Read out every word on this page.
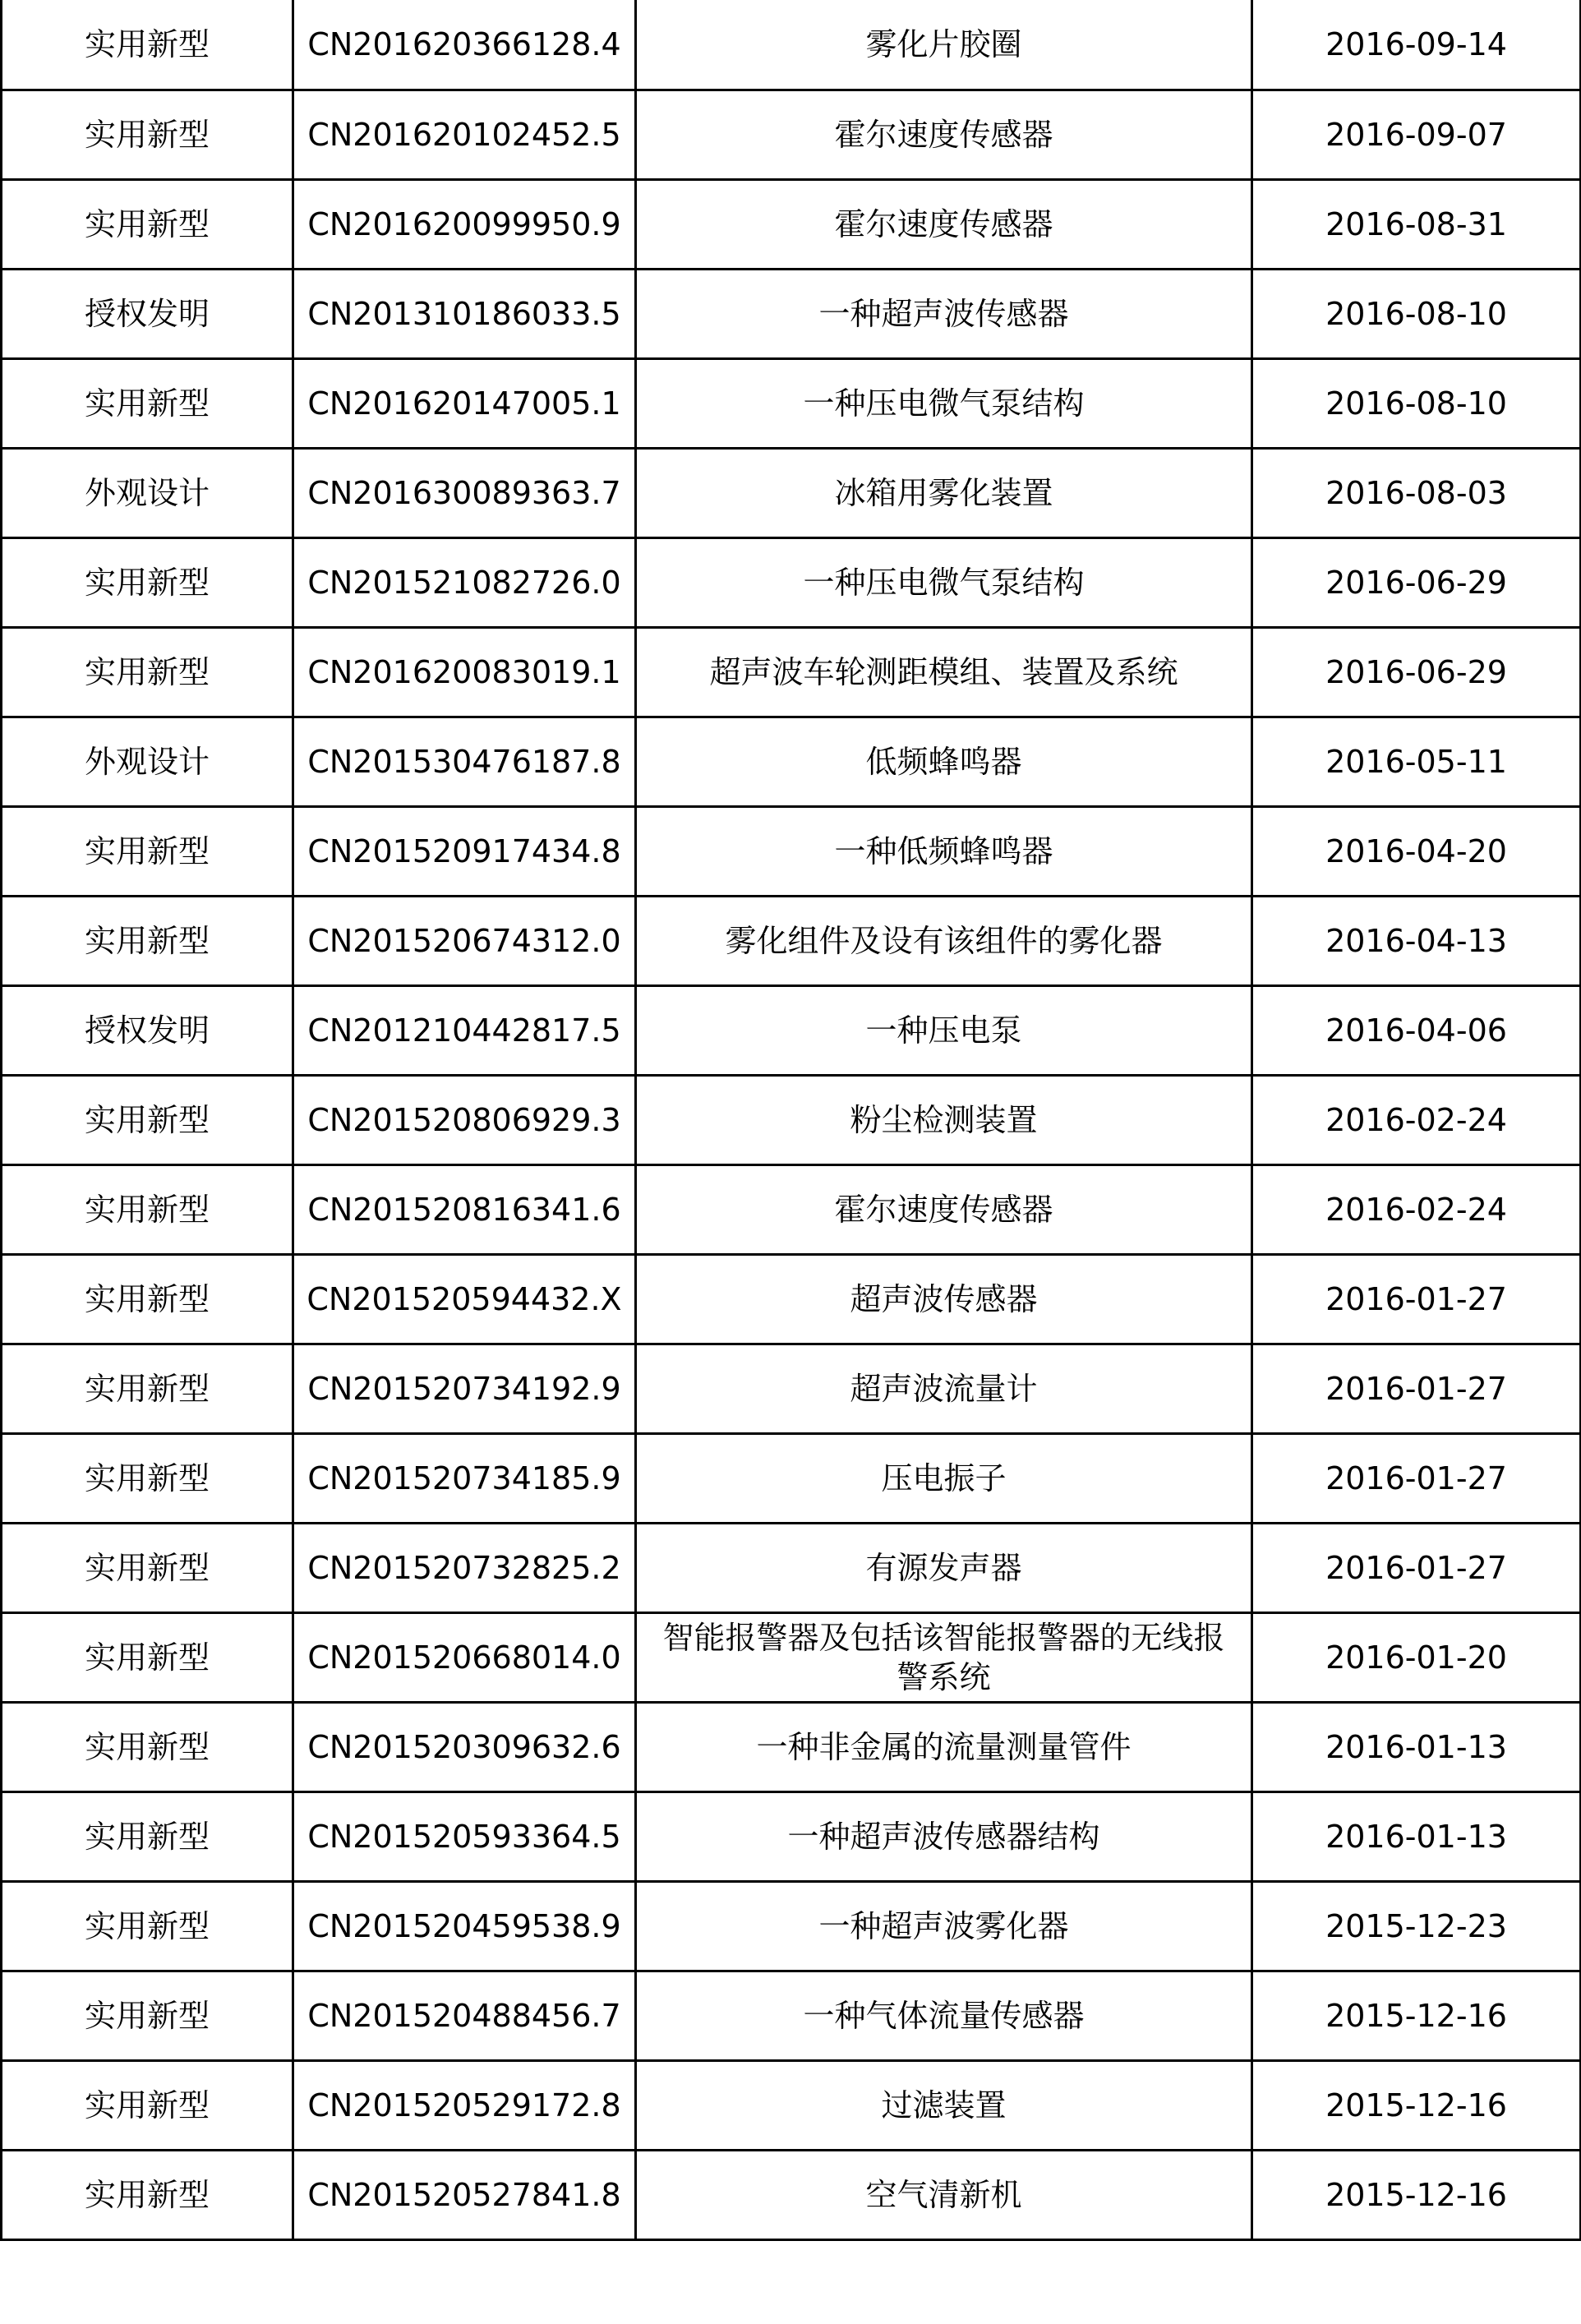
实用新型	CN201620366128.4	雾化片胶圈	2016-09-14
实用新型	CN201620102452.5	霍尔速度传感器	2016-09-07
实用新型	CN201620099950.9	霍尔速度传感器	2016-08-31
授权发明	CN201310186033.5	一种超声波传感器	2016-08-10
实用新型	CN201620147005.1	一种压电微气泵结构	2016-08-10
外观设计	CN201630089363.7	冰箱用雾化装置	2016-08-03
实用新型	CN201521082726.0	一种压电微气泵结构	2016-06-29
实用新型	CN201620083019.1	超声波车轮测距模组、装置及系统	2016-06-29
外观设计	CN201530476187.8	低频蜂鸣器	2016-05-11
实用新型	CN201520917434.8	一种低频蜂鸣器	2016-04-20
实用新型	CN201520674312.0	雾化组件及设有该组件的雾化器	2016-04-13
授权发明	CN201210442817.5	一种压电泵	2016-04-06
实用新型	CN201520806929.3	粉尘检测装置	2016-02-24
实用新型	CN201520816341.6	霍尔速度传感器	2016-02-24
实用新型	CN201520594432.X	超声波传感器	2016-01-27
实用新型	CN201520734192.9	超声波流量计	2016-01-27
实用新型	CN201520734185.9	压电振子	2016-01-27
实用新型	CN201520732825.2	有源发声器	2016-01-27
实用新型	CN201520668014.0	智能报警器及包括该智能报警器的无线报警系统	2016-01-20
实用新型	CN201520309632.6	一种非金属的流量测量管件	2016-01-13
实用新型	CN201520593364.5	一种超声波传感器结构	2016-01-13
实用新型	CN201520459538.9	一种超声波雾化器	2015-12-23
实用新型	CN201520488456.7	一种气体流量传感器	2015-12-16
实用新型	CN201520529172.8	过滤装置	2015-12-16
实用新型	CN201520527841.8	空气清新机	2015-12-16
